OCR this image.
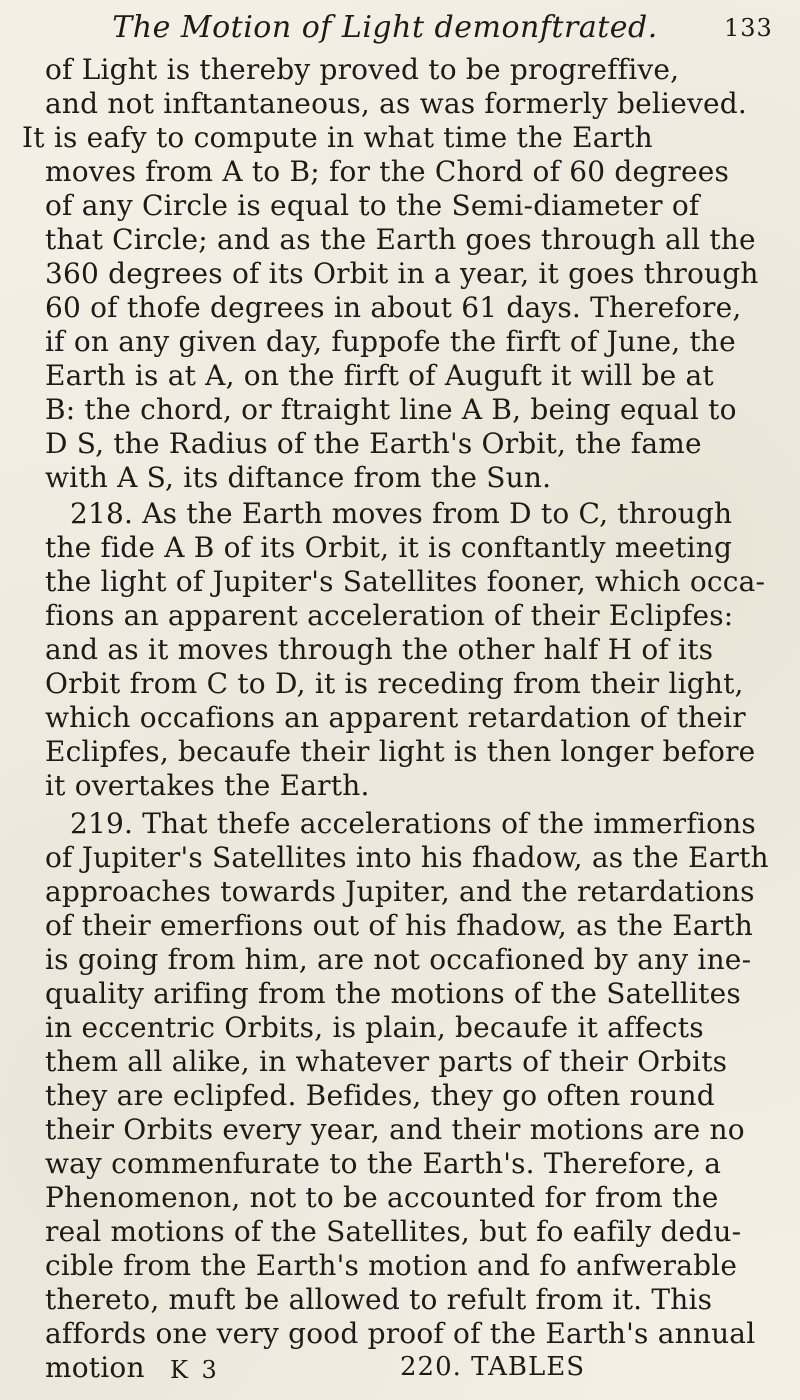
The Motion of Light demonftrated.	133
of Light is thereby proved to be progreffive,
and not inftantaneous, as was formerly believed.
It is eafy to compute in what time the Earth
moves from A to B; for the Chord of 60 degrees
of any Circle is equal to the Semi-diameter of
that Circle; and as the Earth goes through all the
360 degrees of its Orbit in a year, it goes through
60 of thofe degrees in about 61 days. Therefore,
if on any given day, fuppofe the firft of June, the
Earth is at A, on the firft of Auguft it will be at
B: the chord, or ftraight line A B, being equal to
D S, the Radius of the Earth's Orbit, the fame
with A S, its diftance from the Sun.
218. As the Earth moves from D to C, through
the fide A B of its Orbit, it is conftantly meeting
the light of Jupiter's Satellites fooner, which occa-
fions an apparent acceleration of their Eclipfes:
and as it moves through the other half H of its
Orbit from C to D, it is receding from their light,
which occafions an apparent retardation of their
Eclipfes, becaufe their light is then longer before
it overtakes the Earth.
219. That thefe accelerations of the immerfions
of Jupiter's Satellites into his fhadow, as the Earth
approaches towards Jupiter, and the retardations
of their emerfions out of his fhadow, as the Earth
is going from him, are not occafioned by any ine-
quality arifing from the motions of the Satellites
in eccentric Orbits, is plain, becaufe it affects
them all alike, in whatever parts of their Orbits
they are eclipfed. Befides, they go often round
their Orbits every year, and their motions are no
way commenfurate to the Earth's. Therefore, a
Phenomenon, not to be accounted for from the
real motions of the Satellites, but fo eafily dedu-
cible from the Earth's motion and fo anfwerable
thereto, muft be allowed to refult from it. This
affords one very good proof of the Earth's annual
motion K 3	220. TABLES
